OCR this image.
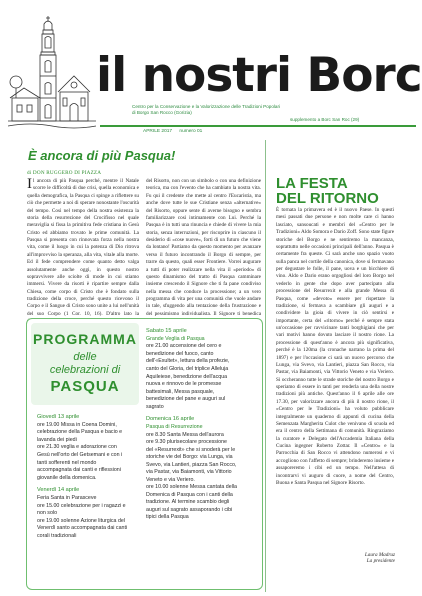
il nostri Borc
Centro per la Conservazione e la Valorizzazione delle Tradizioni Popolari di Borgo San Rocco (Gorizia)
supplemento a Borc San Roc (29)
APRILE 2017 numero 01
È ancora di più Pasqua!
di DON RUGGERO DI PIAZZA
Il ancora di più Pasqua perché, mentre il Natale scorre le difficoltà di due crisi, quella economica e quella demografica, la Pasqua ci spinge a riflettere su ciò che permette a noi di sperare nonostante l'oscurità del tempo. Così nel tempo della nostra esistenza la storia della resurrezione del Crocifisso nel quale meraviglia si fissa la primitiva fede cristiana in Gesù Cristo ed abbiamo trovato le prime comunità. La Pasqua si presenta con rinnovata forza nella nostra vita, come il luogo in cui la potenza di Dio ritrova all'improvviso la speranza, alla vita, vitale alla morte. Ed il fede comprendere come quanto detto valga assolutamente anche oggi, in questo nostro sopravvivere alle sciolte di mode in cui stiamo immersi. Vivere da risorti è ripartire sempre dalla Chiesa, come corpo di Cristo che è fondato sulla tradizione della croce, perché questo ricevono il Corpo e il Sangue di Cristo sono unite a lui nell'unità del suo Corpo (1 Cor. 10, 16). D'altro lato la
del Risorto, non con un simbolo o con una definizione teorica, ma con l'evento che ha cambiato la nostra vita. Fu qui il credente che mette al centro l'Eucaristia, ma anche dove tutte le sue Cristiane senza «alternative» del Risorto, oppure sente di averne bisogno e sembra familiarizzare così intimamente con Lui. Perché la Pasqua è in tutti una rinuncia e chiede di vivere la mia storia, senza interruzioni, per riscoprire in ciascuno il desiderio di «cose nuove», forti di un futuro che viene da lontano! Partiamo da questo momento per avanzare verso il futuro incontrando il Borgo di sempre, per trarre da questo, quali esser Frontiere. Vorrei augurare a tutti di poter realizzare nella vita il «periodo» di questo dinamismo del tratto di Pasqua camminare insieme crescendo il Signore che ti fa pane condiviso nella messa che conduce la processione; a un vero programma di vita per una comunità che vuole andare in tale, sfuggendo alla tentazione della frustrazione e del pessimismo individualista. Il Signore ti benedica
LA FESTA
DEL RITORNO
È tornata la primavera ed è il nuovo Paese. In questi mesi passati due persone e non molte care ci hanno lasciato, sansoucati e membri del «Centro per le Tradizioni» Aldo Somora e Dario Zoff. Sono state figure storiche del Borgo e ne sentiremo la mancanza, soprattutto nelle occasioni principali dell'anno. Pasqua è certamente fra queste. Ci sarà anche uno spazio vuoto sulla panca nel cortile della canonica, dove si fermavano per degustare le folle, il pane, uova e un bicchiere di vino. Aldo e Dario erano orgogliosi del loro Borgo nel vederlo in gente che dopo aver partecipato alla processione del Resurrexit e alla grande Messa di Pasqua, come «devoto» essere per rispettare la tradizione, si fermava a scambiare gli auguri e a condividere la gioia di vivere in ciò sentirsi e importante, certa del «ritorno» perché è sempre stata un'occasione per ravvicinare tanti borghigiani che per vari motivi hanno dovuto lasciare il nostro rione. La processione di quest'anno è ancora più significativa, perché è la 120ma (la cronache narrano la prima del 1897) e per l'occasione ci sarà un nuovo percorso che Lunga, via Svevo, via Lantieri, piazza San Rocco, via Pastar, via Baiamonti, via Vittorio Veneto e via Veriero. Si occheranno tutte le strade storiche del nostro Borgo e speriamo di essere in tanti per renderla una della nostre tradizioni più antiche. Quest'anno il 6 aprile alle ore 17.30, per valorizzare ancora di più il nostro rione, il «Centro per le Tradizioni» ha voluto pubblicare integralmente un quaderno di appunti di cucina della Semenzata Margherita Culot che venivano di scuola ed era il centro della Settimana di comunità. Ringraziamo la curatore e Delegato dell'Accademia Italiana della Cucina ingegner Roberto Zottar. Il «Centro» e la Parrocchia di San Rocco vi attendono numerosi e vi accogliono con l'affetto di sempre; brinderemo insieme e assaporeremo i cibi ed un tempo. Nell'attesa di incontrarvi vi auguro di cuore, a nome del Centro, Buona e Santa Pasqua nel Signore Risorto.
Laura Madruz
La presidente
PROGRAMMA
delle
celebrazioni di
PASQUA
Giovedì 13 aprile
ore 19.00 Missa in Coena Domini,
celebrazione della Pasqua e bacio e
lavanda dei piedi
ore 21.30 veglia e adorazione con
Gesù nell'orto del Getsemani e con i
tanti sofferenti nel mondo
accompagnata dai canti e riflessioni
giovanile della domenica.
Venerdì 14 aprile
Feria Santa in Parasceve
ore 15.00 celebrazione per i ragazzi e
non solo
ore 19.00 solenne Azione liturgica del
Venerdì santo accompagnata dai canti
corali tradizionali
Sabato 15 aprile
Grande Veglia di Pasqua
ore 21.00 accensione del cero e
benedizione del fuoco, canto
dell'«Exultet», lettura della profezie,
canto del Gloria, del triplice Alleluja
Aquileiese, benedizione dell'acqua
nuova e rinnovo de le promesse
battesimali, Messa pasquale,
benedizione del pane e auguri sul
sagrato
Domenica 16 aprile
Pasqua di Resurrezione
ore 8.30 Santa Messa dell'aurora
ore 9.30 plurisecolare processione
del «Resurrexit» che si snoderà per le
storiche vie del Borgo: via Lunga, via
Svevo, via Lantieri, piazza San Rocco,
via Pastar, via Baiamonti, via Vittorio
Veneto e via Veriero.
ore 10.00 solenne Messa cantata della
Domenica di Pasqua con i canti della
tradizione. Al termine scambio degli
auguri sul sagrato assaporando i cibi
tipici della Pasqua
